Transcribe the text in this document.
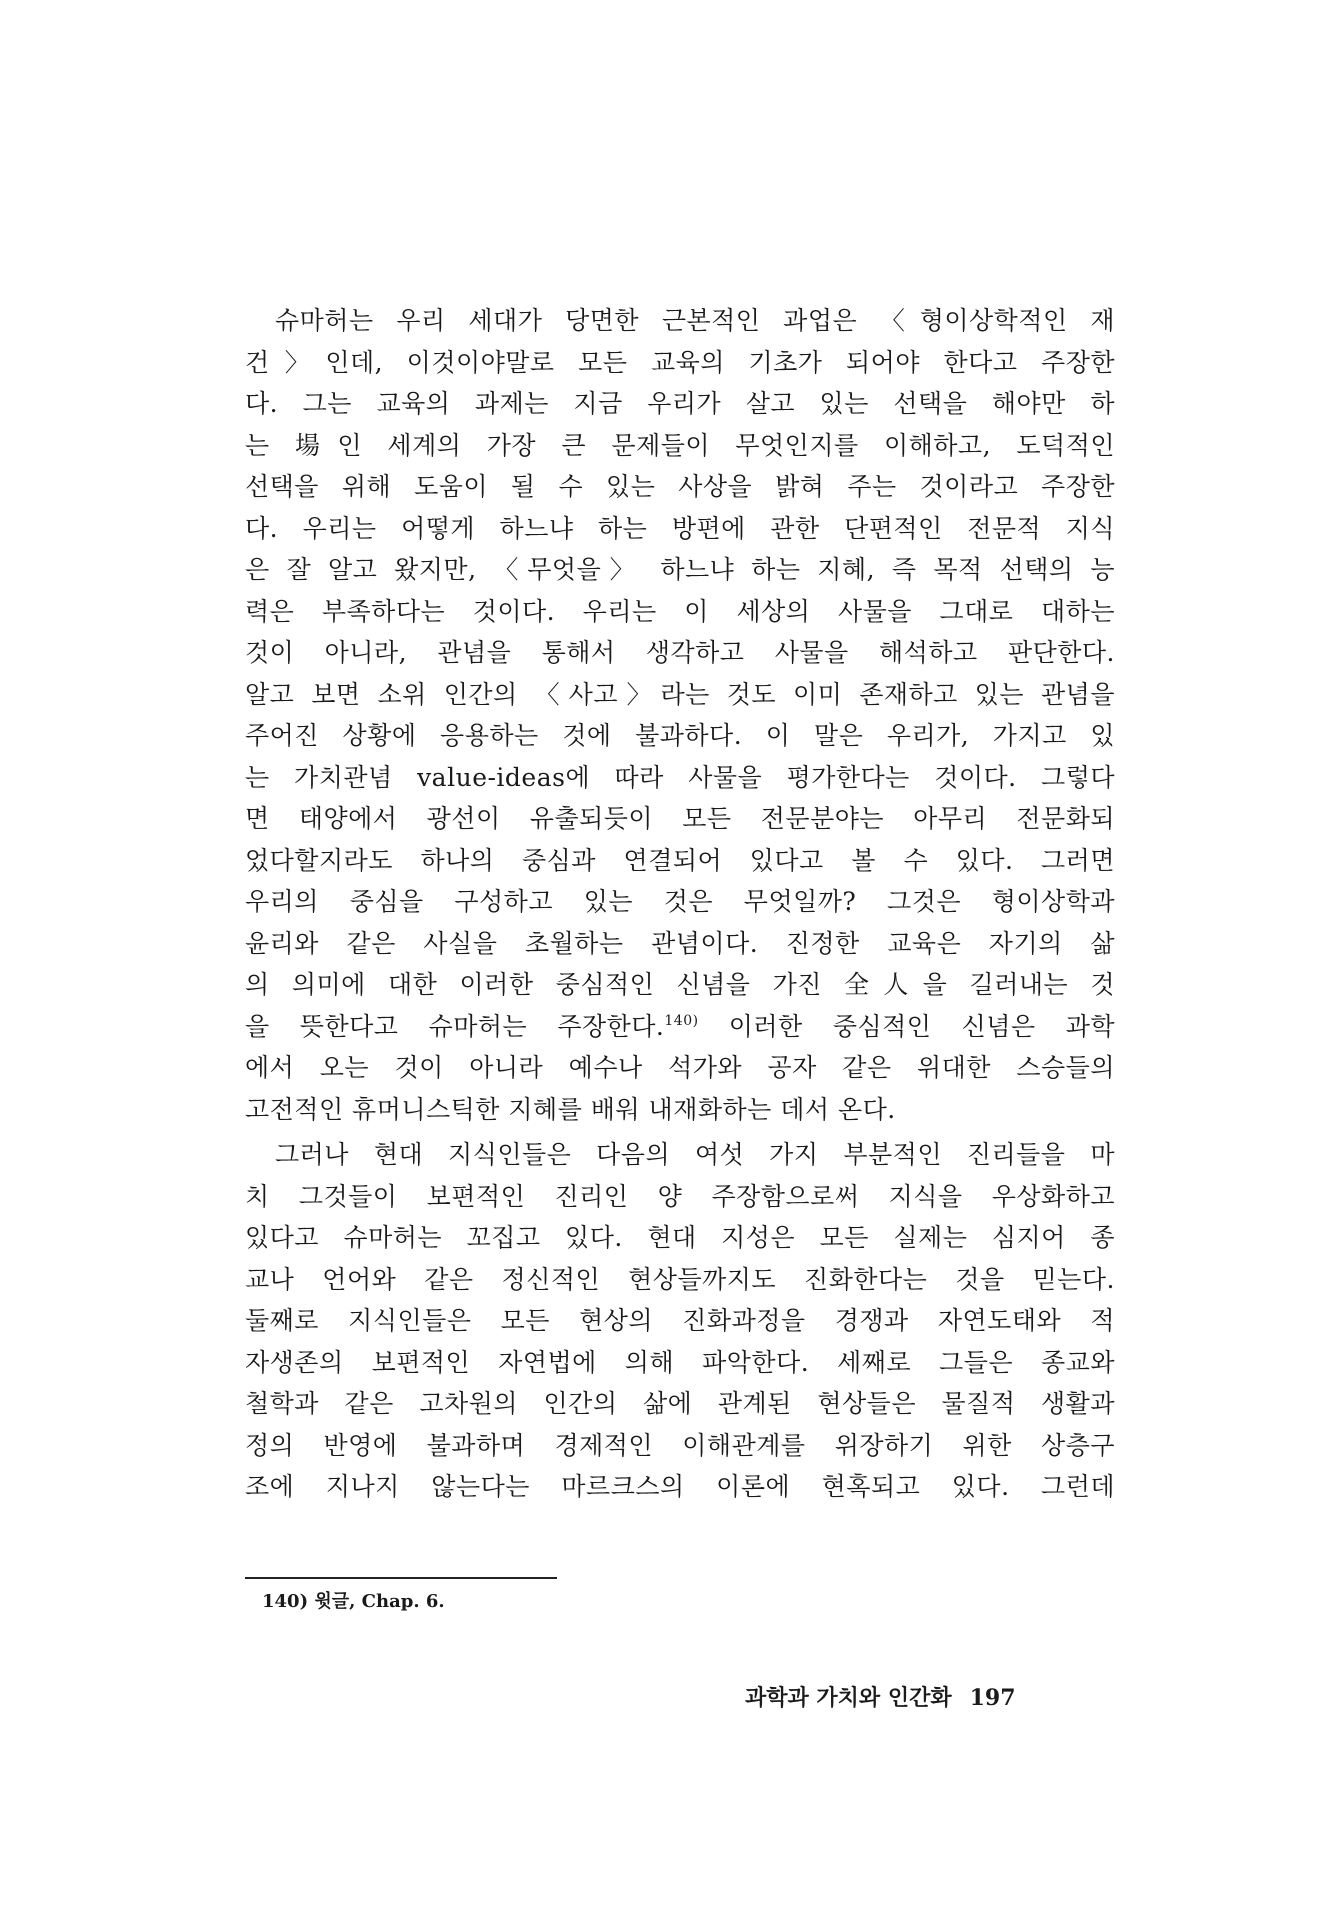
슈마허는 우리 세대가 당면한 근본적인 과업은 〈형이상학적인 재
건〉인데, 이것이야말로 모든 교육의 기초가 되어야 한다고 주장한
다. 그는 교육의 과제는 지금 우리가 살고 있는 선택을 해야만 하
는 場인 세계의 가장 큰 문제들이 무엇인지를 이해하고, 도덕적인
선택을 위해 도움이 될 수 있는 사상을 밝혀 주는 것이라고 주장한
다. 우리는 어떻게 하느냐 하는 방편에 관한 단편적인 전문적 지식
은 잘 알고 왔지만, 〈무엇을〉 하느냐 하는 지혜, 즉 목적 선택의 능
력은 부족하다는 것이다. 우리는 이 세상의 사물을 그대로 대하는
것이 아니라, 관념을 통해서 생각하고 사물을 해석하고 판단한다.
알고 보면 소위 인간의 〈사고〉라는 것도 이미 존재하고 있는 관념을
주어진 상황에 응용하는 것에 불과하다. 이 말은 우리가, 가지고 있
는 가치관념 value-ideas에 따라 사물을 평가한다는 것이다. 그렇다
면 태양에서 광선이 유출되듯이 모든 전문분야는 아무리 전문화되
었다할지라도 하나의 중심과 연결되어 있다고 볼 수 있다. 그러면
우리의 중심을 구성하고 있는 것은 무엇일까? 그것은 형이상학과
윤리와 같은 사실을 초월하는 관념이다. 진정한 교육은 자기의 삶
의 의미에 대한 이러한 중심적인 신념을 가진 全人을 길러내는 것
을 뜻한다고 슈마허는 주장한다.$^{140)}$ 이러한 중심적인 신념은 과학
에서 오는 것이 아니라 예수나 석가와 공자 같은 위대한 스승들의
고전적인 휴머니스틱한 지혜를 배워 내재화하는 데서 온다.
그러나 현대 지식인들은 다음의 여섯 가지 부분적인 진리들을 마
치 그것들이 보편적인 진리인 양 주장함으로써 지식을 우상화하고
있다고 슈마허는 꼬집고 있다. 현대 지성은 모든 실제는 심지어 종
교나 언어와 같은 정신적인 현상들까지도 진화한다는 것을 믿는다.
둘째로 지식인들은 모든 현상의 진화과정을 경쟁과 자연도태와 적
자생존의 보편적인 자연법에 의해 파악한다. 세째로 그들은 종교와
철학과 같은 고차원의 인간의 삶에 관계된 현상들은 물질적 생활과
정의 반영에 불과하며 경제적인 이해관계를 위장하기 위한 상층구
조에 지나지 않는다는 마르크스의 이론에 현혹되고 있다. 그런데
140) 윗글, Chap. 6.
과학과 가치와 인간화 197
